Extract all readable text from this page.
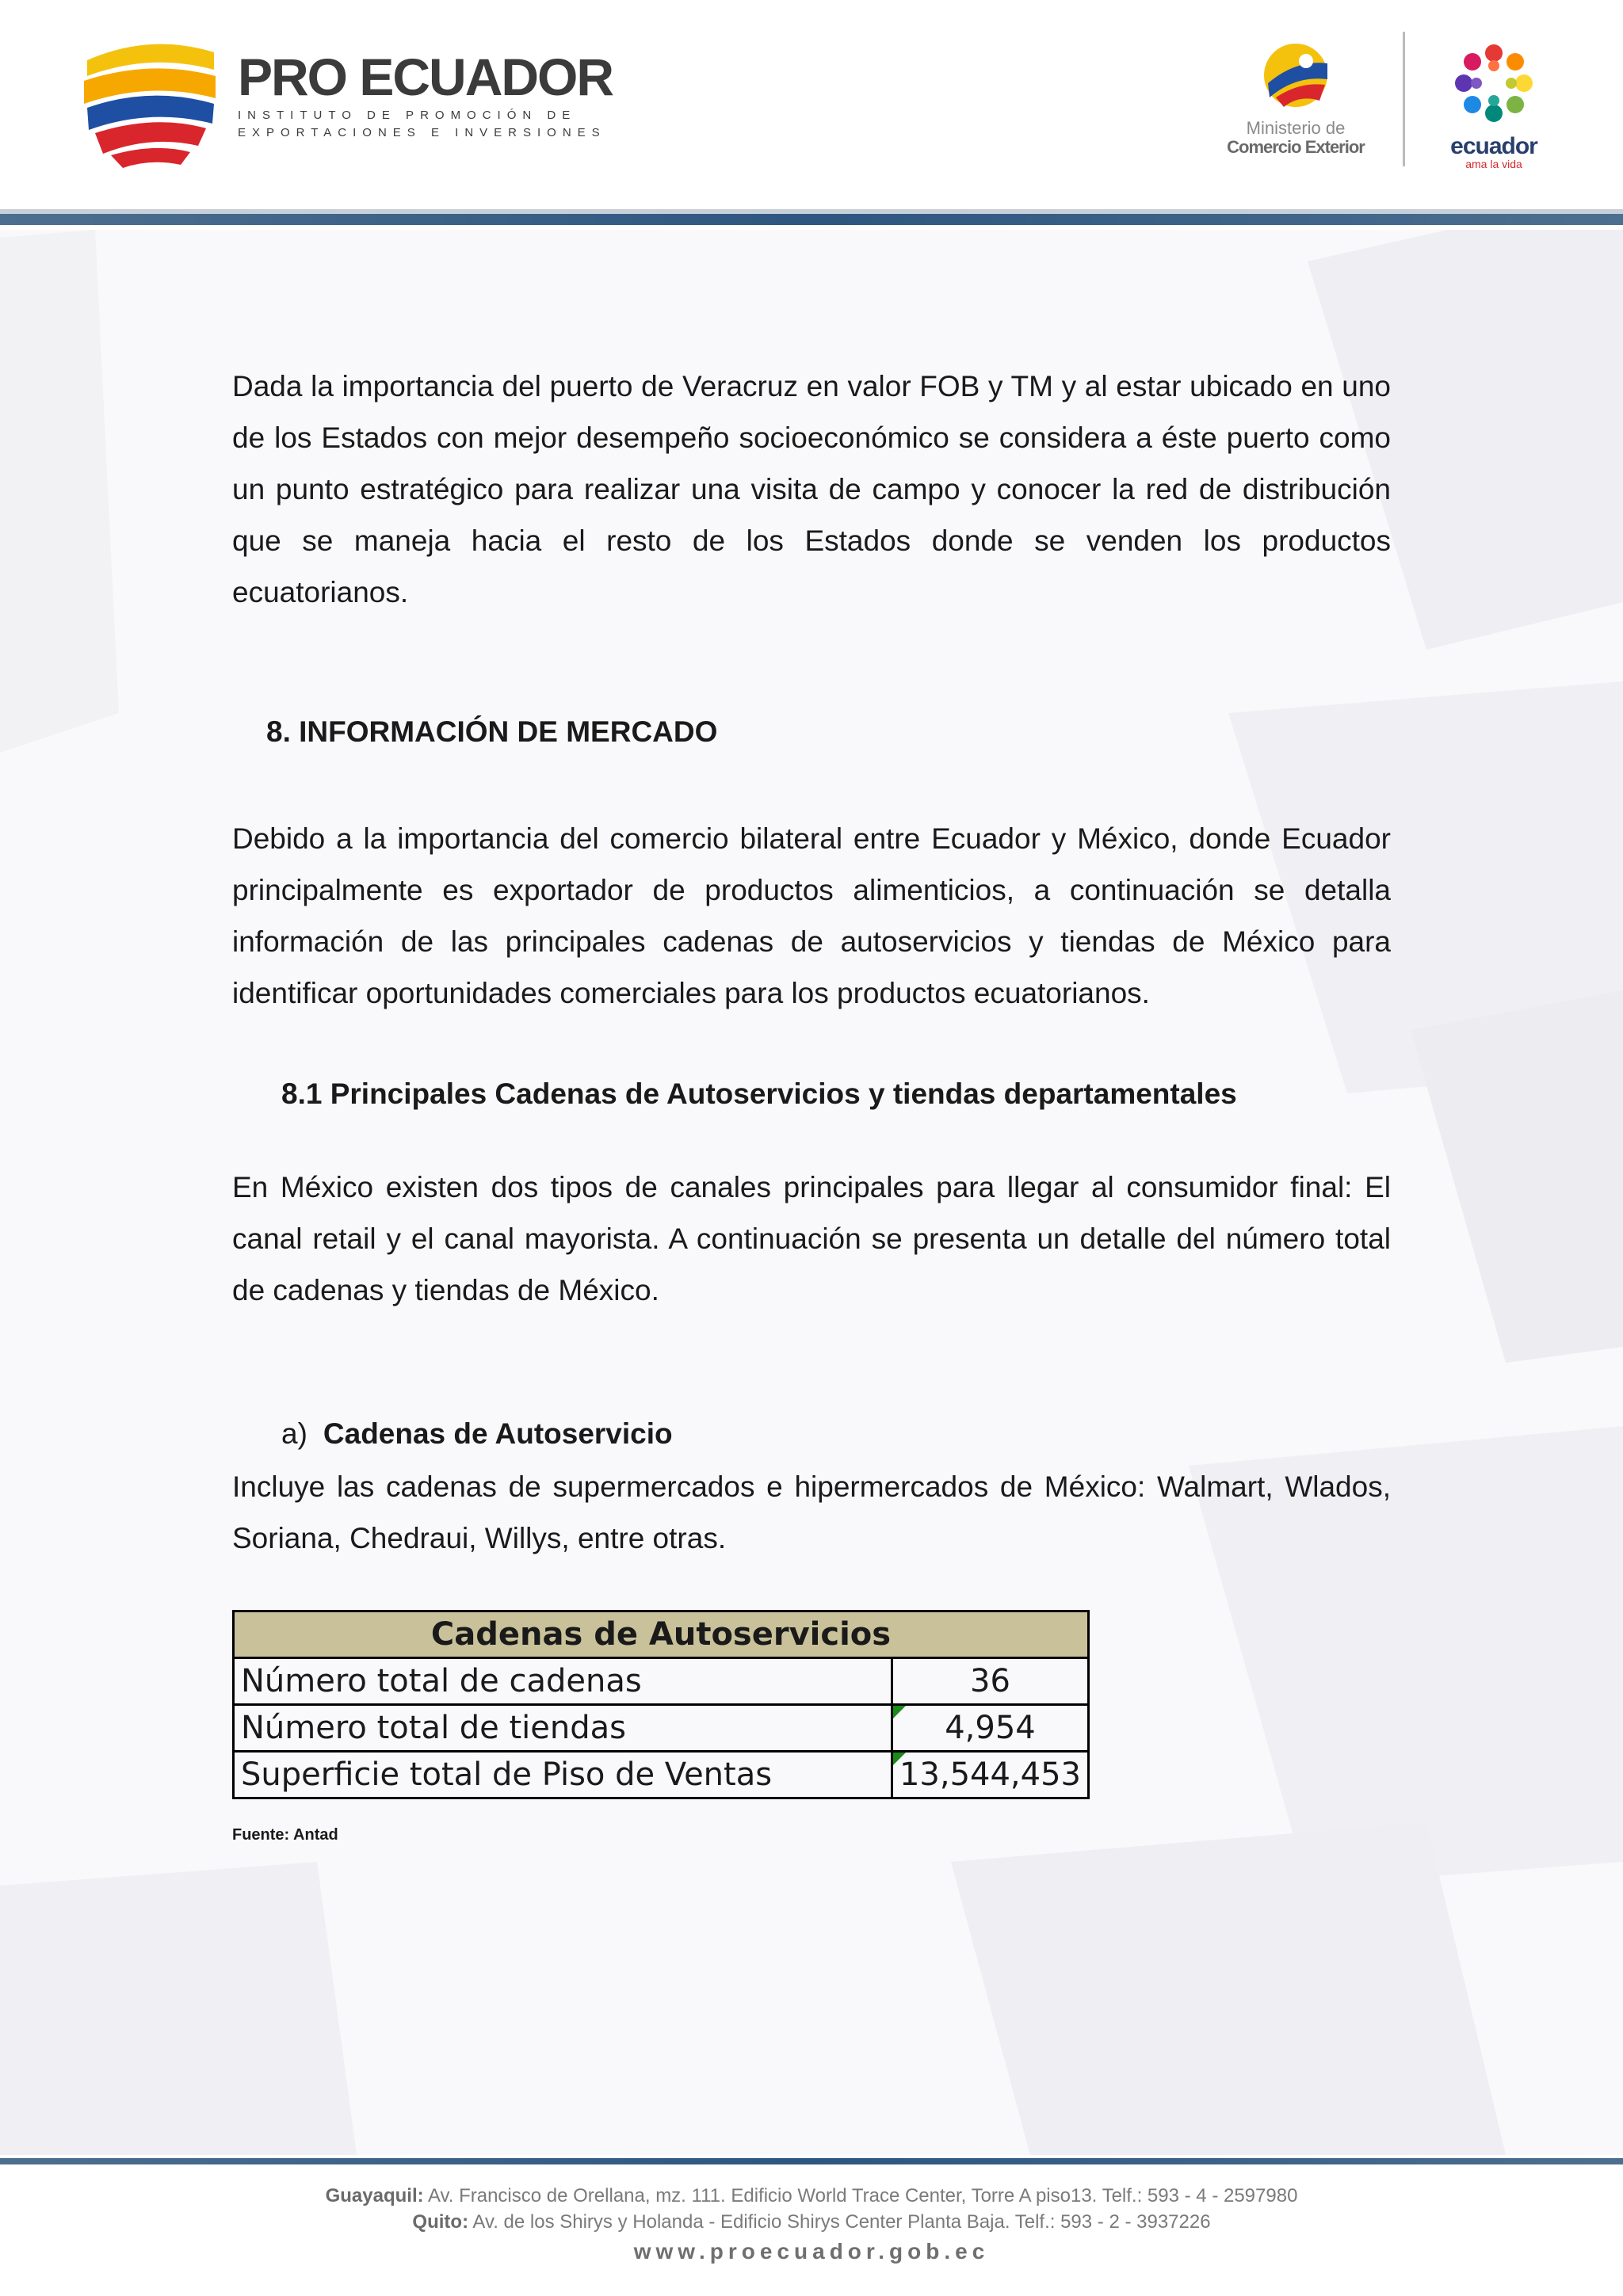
PRO ECUADOR
INSTITUTO DE PROMOCIÓN DE
EXPORTACIONES E INVERSIONES	Ministerio de
Comercio Exterior	ecuador
ama la vida

Dada la importancia del puerto de Veracruz en valor FOB y TM y al estar ubicado en uno de los Estados con mejor desempeño socioeconómico se considera a éste puerto como un punto estratégico para realizar una visita de campo y conocer la red de distribución que se maneja hacia el resto de los Estados donde se venden los productos ecuatorianos.

8. INFORMACIÓN DE MERCADO

Debido a la importancia del comercio bilateral entre Ecuador y México, donde Ecuador principalmente es exportador de productos alimenticios, a continuación se detalla información de las principales cadenas de autoservicios y tiendas de México para identificar oportunidades comerciales para los productos ecuatorianos.

8.1 Principales Cadenas de Autoservicios y tiendas departamentales

En México existen dos tipos de canales principales para llegar al consumidor final: El canal retail y el canal mayorista. A continuación se presenta un detalle del número total de cadenas y tiendas de México.

a) Cadenas de Autoservicio

Incluye las cadenas de supermercados e hipermercados de México: Walmart, Wlados, Soriana, Chedraui, Willys, entre otras.

Cadenas de Autoservicios	
Número total de cadenas	36
Número total de tiendas	4,954
Superficie total de Piso de Ventas	13,544,453
Fuente: Antad
Guayaquil: Av. Francisco de Orellana, mz. 111. Edificio World Trace Center, Torre A piso13. Telf.: 593 - 4 - 2597980
Quito: Av. de los Shirys y Holanda - Edificio Shirys Center Planta Baja. Telf.: 593 - 2 - 3937226
www.proecuador.gob.ec
